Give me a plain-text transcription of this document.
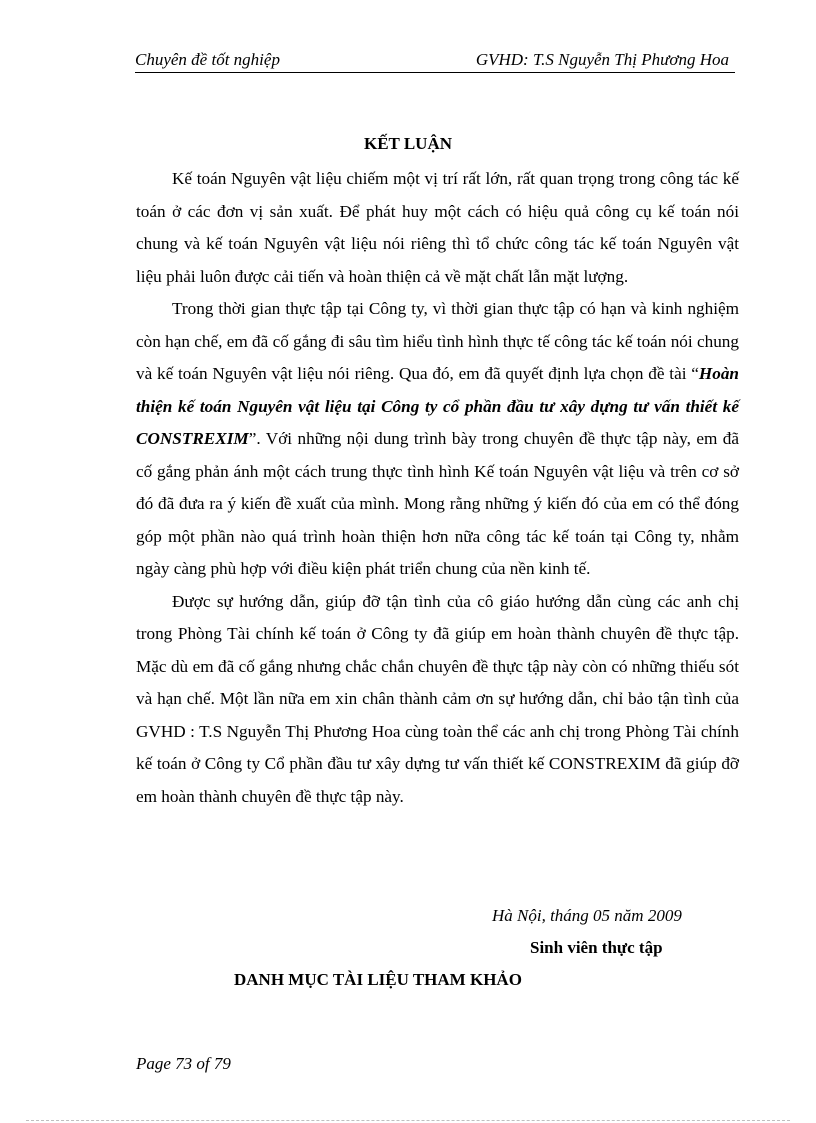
Chuyên đề tốt nghiệp	GVHD: T.S Nguyễn Thị Phương Hoa
KẾT LUẬN

Kế toán Nguyên vật liệu chiếm một vị trí rất lớn, rất quan trọng trong công tác kế toán ở các đơn vị sản xuất. Để phát huy một cách có hiệu quả công cụ kế toán nói chung và kế toán Nguyên vật liệu nói riêng thì tổ chức công tác kế toán Nguyên vật liệu phải luôn được cải tiến và hoàn thiện cả về mặt chất lẫn mặt lượng.

Trong thời gian thực tập tại Công ty, vì thời gian thực tập có hạn và kinh nghiệm còn hạn chế, em đã cố gắng đi sâu tìm hiểu tình hình thực tế công tác kế toán nói chung và kế toán Nguyên vật liệu nói riêng. Qua đó, em đã quyết định lựa chọn đề tài “Hoàn thiện kế toán Nguyên vật liệu tại Công ty cổ phần đầu tư xây dựng tư vấn thiết kế CONSTREXIM”. Với những nội dung trình bày trong chuyên đề thực tập này, em đã cố gắng phản ánh một cách trung thực tình hình Kế toán Nguyên vật liệu và trên cơ sở đó đã đưa ra ý kiến đề xuất của mình. Mong rằng những ý kiến đó của em có thể đóng góp một phần nào quá trình hoàn thiện hơn nữa công tác kế toán tại Công ty, nhằm ngày càng phù hợp với điều kiện phát triển chung của nền kinh tế.

Được sự hướng dẫn, giúp đỡ tận tình của cô giáo hướng dẫn cùng các anh chị trong Phòng Tài chính kế toán ở Công ty đã giúp em hoàn thành chuyên đề thực tập. Mặc dù em đã cố gắng nhưng chắc chắn chuyên đề thực tập này còn có những thiếu sót và hạn chế. Một lần nữa em xin chân thành cảm ơn sự hướng dẫn, chỉ bảo tận tình của GVHD : T.S Nguyễn Thị Phương Hoa cùng toàn thể các anh chị trong Phòng Tài chính kế toán ở Công ty Cổ phần đầu tư xây dựng tư vấn thiết kế CONSTREXIM đã giúp đỡ em hoàn thành chuyên đề thực tập này.

Hà Nội, tháng 05 năm 2009
Sinh viên thực tập
DANH MỤC TÀI LIỆU THAM KHẢO
Page 73 of 79
